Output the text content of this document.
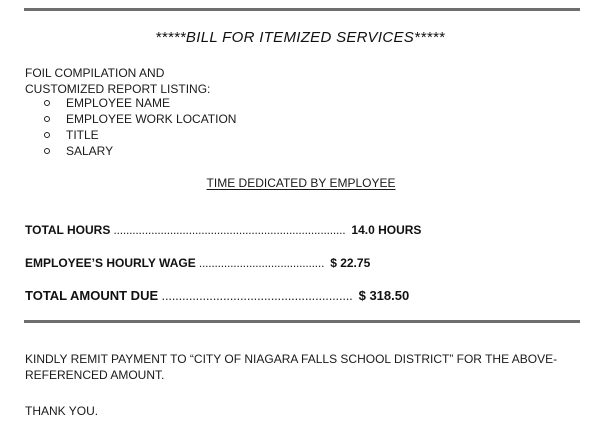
*****BILL FOR ITEMIZED SERVICES*****
FOIL COMPILATION AND
CUSTOMIZED REPORT LISTING:
EMPLOYEE NAME
EMPLOYEE WORK LOCATION
TITLE
SALARY
TIME DEDICATED BY EMPLOYEE
TOTAL HOURS .......................................................................... 14.0 HOURS
EMPLOYEE’S HOURLY WAGE ........................................ $ 22.75
TOTAL AMOUNT DUE ........................................................ $ 318.50
KINDLY REMIT PAYMENT TO “CITY OF NIAGARA FALLS SCHOOL DISTRICT” FOR THE ABOVE-REFERENCED AMOUNT.
THANK YOU.
